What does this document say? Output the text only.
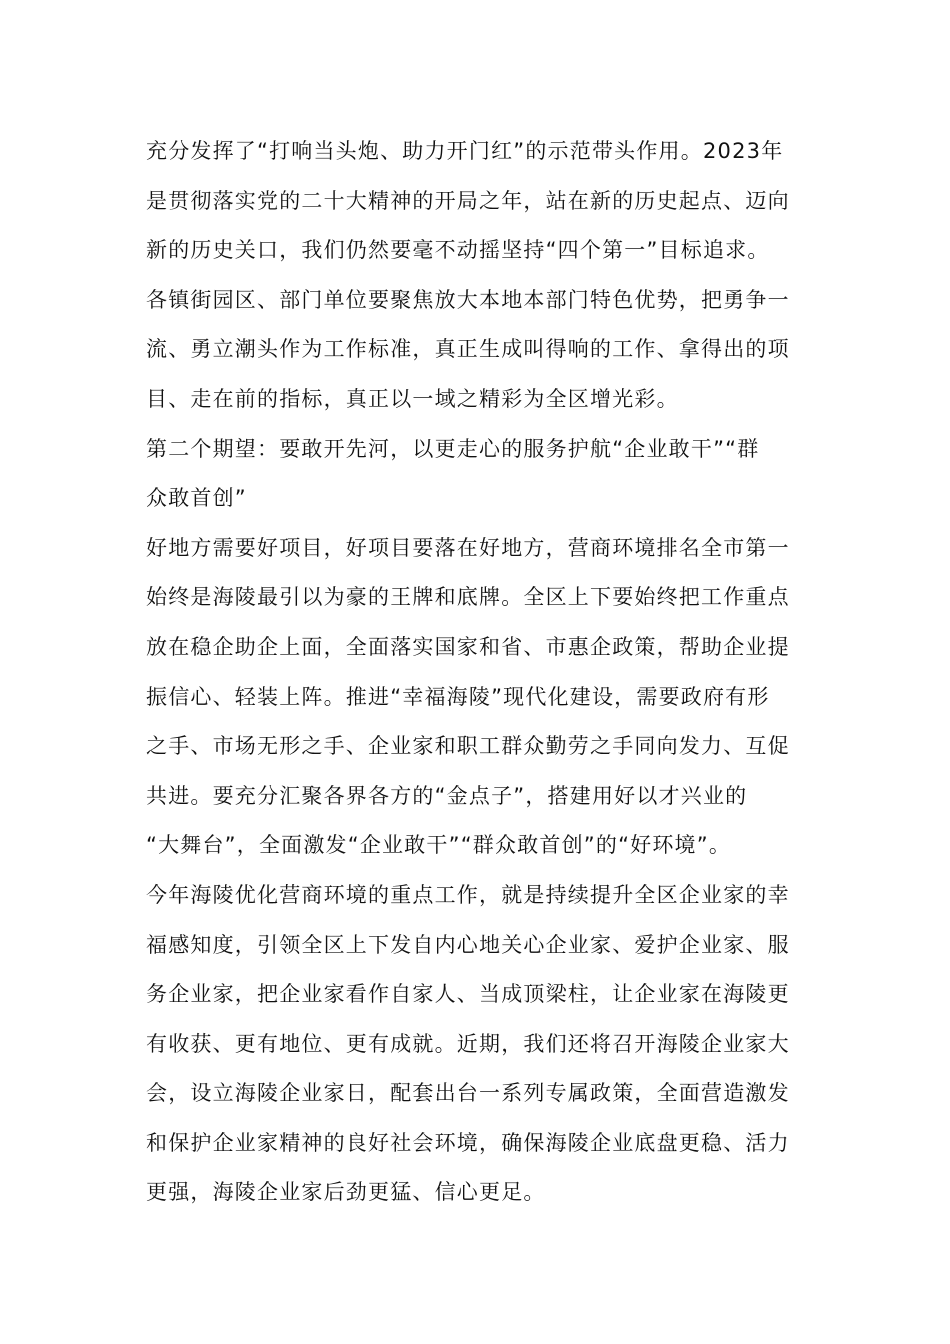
充分发挥了“打响当头炮、助力开门红”的示范带头作用。2023年
是贯彻落实党的二十大精神的开局之年，站在新的历史起点、迈向
新的历史关口，我们仍然要毫不动摇坚持“四个第一”目标追求。
各镇街园区、部门单位要聚焦放大本地本部门特色优势，把勇争一
流、勇立潮头作为工作标准，真正生成叫得响的工作、拿得出的项
目、走在前的指标，真正以一域之精彩为全区增光彩。
第二个期望：要敢开先河，以更走心的服务护航“企业敢干”“群
众敢首创”
好地方需要好项目，好项目要落在好地方，营商环境排名全市第一
始终是海陵最引以为豪的王牌和底牌。全区上下要始终把工作重点
放在稳企助企上面，全面落实国家和省、市惠企政策，帮助企业提
振信心、轻装上阵。推进“幸福海陵”现代化建设，需要政府有形
之手、市场无形之手、企业家和职工群众勤劳之手同向发力、互促
共进。要充分汇聚各界各方的“金点子”，搭建用好以才兴业的
“大舞台”，全面激发“企业敢干”“群众敢首创”的“好环境”。
今年海陵优化营商环境的重点工作，就是持续提升全区企业家的幸
福感知度，引领全区上下发自内心地关心企业家、爱护企业家、服
务企业家，把企业家看作自家人、当成顶梁柱，让企业家在海陵更
有收获、更有地位、更有成就。近期，我们还将召开海陵企业家大
会，设立海陵企业家日，配套出台一系列专属政策，全面营造激发
和保护企业家精神的良好社会环境，确保海陵企业底盘更稳、活力
更强，海陵企业家后劲更猛、信心更足。
